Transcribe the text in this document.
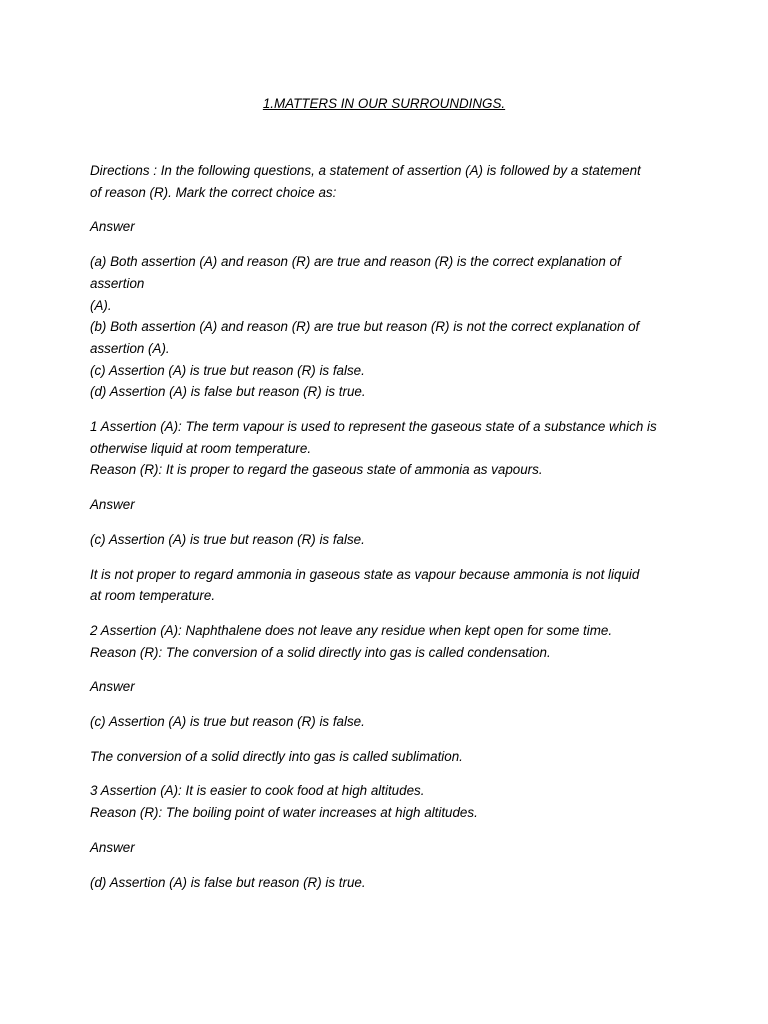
1.MATTERS IN OUR SURROUNDINGS.

Directions : In the following questions, a statement of assertion (A) is followed by a statement
of reason (R). Mark the correct choice as:

Answer

(a) Both assertion (A) and reason (R) are true and reason (R) is the correct explanation of
assertion
(A).
(b) Both assertion (A) and reason (R) are true but reason (R) is not the correct explanation of
assertion (A).
(c) Assertion (A) is true but reason (R) is false.
(d) Assertion (A) is false but reason (R) is true.

1 Assertion (A): The term vapour is used to represent the gaseous state of a substance which is
otherwise liquid at room temperature.
Reason (R): It is proper to regard the gaseous state of ammonia as vapours.

Answer

(c) Assertion (A) is true but reason (R) is false.

It is not proper to regard ammonia in gaseous state as vapour because ammonia is not liquid
at room temperature.

2 Assertion (A): Naphthalene does not leave any residue when kept open for some time.
Reason (R): The conversion of a solid directly into gas is called condensation.

Answer

(c) Assertion (A) is true but reason (R) is false.

The conversion of a solid directly into gas is called sublimation.

3 Assertion (A): It is easier to cook food at high altitudes.
Reason (R): The boiling point of water increases at high altitudes.

Answer

(d) Assertion (A) is false but reason (R) is true.
